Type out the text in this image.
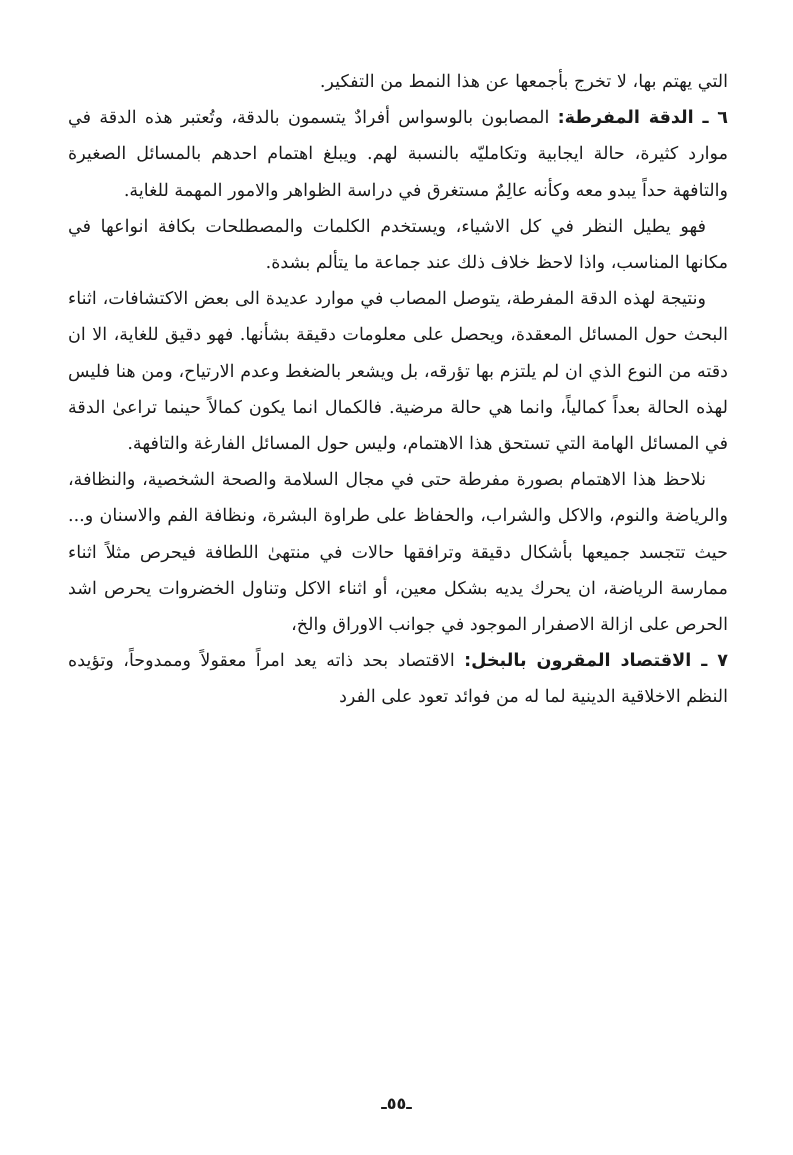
التي يهتم بها، لا تخرج بأجمعها عن هذا النمط من التفكير.

٦ ـ الدقة المفرطة: المصابون بالوسواس أفرادٌ يتسمون بالدقة، وتُعتبر هذه الدقة في موارد كثيرة، حالة ايجابية وتكامليّه بالنسبة لهم. ويبلغ اهتمام احدهم بالمسائل الصغيرة والتافهة حداً يبدو معه وكأنه عالِمٌ مستغرق في دراسة الظواهر والامور المهمة للغاية.

فهو يطيل النظر في كل الاشياء، ويستخدم الكلمات والمصطلحات بكافة انواعها في مكانها المناسب، واذا لاحظ خلاف ذلك عند جماعة ما يتألم بشدة.

ونتيجة لهذه الدقة المفرطة، يتوصل المصاب في موارد عديدة الى بعض الاكتشافات، اثناء البحث حول المسائل المعقدة، ويحصل على معلومات دقيقة بشأنها. فهو دقيق للغاية، الا ان دقته من النوع الذي ان لم يلتزم بها تؤرقه، بل ويشعر بالضغط وعدم الارتياح، ومن هنا فليس لهذه الحالة بعداً كمالياً، وانما هي حالة مرضية. فالكمال انما يكون كمالاً حينما تراعىٰ الدقة في المسائل الهامة التي تستحق هذا الاهتمام، وليس حول المسائل الفارغة والتافهة.

نلاحظ هذا الاهتمام بصورة مفرطة حتى في مجال السلامة والصحة الشخصية، والنظافة، والرياضة والنوم، والاكل والشراب، والحفاظ على طراوة البشرة، ونظافة الفم والاسنان و... حيث تتجسد جميعها بأشكال دقيقة وترافقها حالات في منتهىٰ اللطافة فيحرص مثلاً اثناء ممارسة الرياضة، ان يحرك يديه بشكل معين، أو اثناء الاكل وتناول الخضروات يحرص اشد الحرص على ازالة الاصفرار الموجود في جوانب الاوراق والخ،

٧ ـ الاقتصاد المقرون بالبخل: الاقتصاد بحد ذاته يعد امراً معقولاً وممدوحاً، وتؤيده النظم الاخلاقية الدينية لما له من فوائد تعود على الفرد

ـ٥٥ـ
